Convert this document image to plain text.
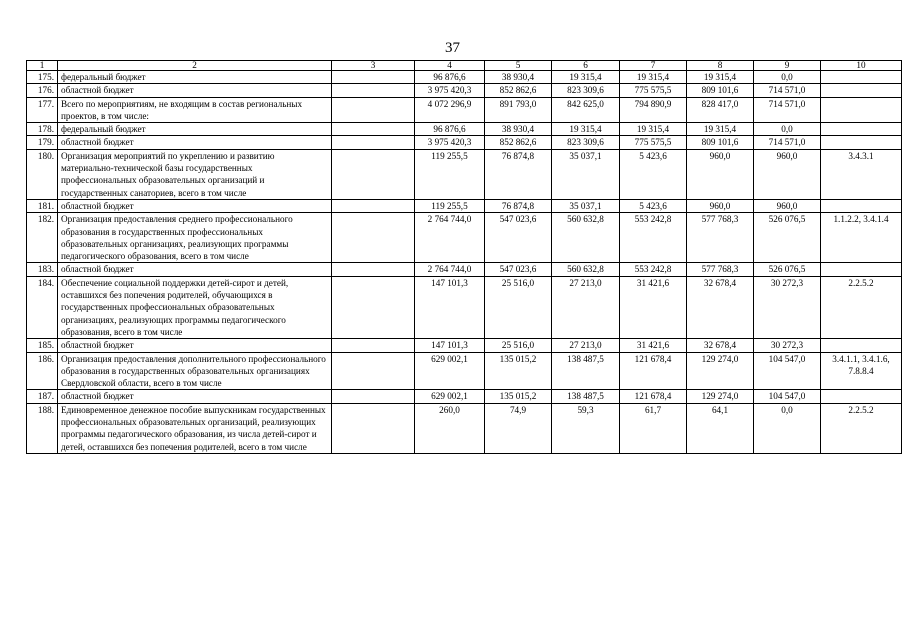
37
1	2	3	4	5	6	7	8	9	10
175.	федеральный бюджет		96 876,6	38 930,4	19 315,4	19 315,4	19 315,4	0,0	
176.	областной бюджет		3 975 420,3	852 862,6	823 309,6	775 575,5	809 101,6	714 571,0	
177.	Всего по мероприятиям, не входящим в состав региональных проектов, в том числе:		4 072 296,9	891 793,0	842 625,0	794 890,9	828 417,0	714 571,0	
178.	федеральный бюджет		96 876,6	38 930,4	19 315,4	19 315,4	19 315,4	0,0	
179.	областной бюджет		3 975 420,3	852 862,6	823 309,6	775 575,5	809 101,6	714 571,0	
180.	Организация мероприятий по укреплению и развитию материально-технической базы государственных профессиональных образовательных организаций и государственных санаториев, всего в том числе		119 255,5	76 874,8	35 037,1	5 423,6	960,0	960,0	3.4.3.1
181.	областной бюджет		119 255,5	76 874,8	35 037,1	5 423,6	960,0	960,0	
182.	Организация предоставления среднего профессионального образования в государственных профессиональных образовательных организациях, реализующих программы педагогического образования, всего в том числе		2 764 744,0	547 023,6	560 632,8	553 242,8	577 768,3	526 076,5	1.1.2.2, 3.4.1.4
183.	областной бюджет		2 764 744,0	547 023,6	560 632,8	553 242,8	577 768,3	526 076,5	
184.	Обеспечение социальной поддержки детей-сирот и детей, оставшихся без попечения родителей, обучающихся в государственных профессиональных образовательных организациях, реализующих программы педагогического образования, всего в том числе		147 101,3	25 516,0	27 213,0	31 421,6	32 678,4	30 272,3	2.2.5.2
185.	областной бюджет		147 101,3	25 516,0	27 213,0	31 421,6	32 678,4	30 272,3	
186.	Организация предоставления дополнительного профессионального образования в государственных образовательных организациях Свердловской области, всего в том числе		629 002,1	135 015,2	138 487,5	121 678,4	129 274,0	104 547,0	3.4.1.1, 3.4.1.6, 7.8.8.4
187.	областной бюджет		629 002,1	135 015,2	138 487,5	121 678,4	129 274,0	104 547,0	
188.	Единовременное денежное пособие выпускникам государственных профессиональных образовательных организаций, реализующих программы педагогического образования, из числа детей-сирот и детей, оставшихся без попечения родителей, всего в том числе		260,0	74,9	59,3	61,7	64,1	0,0	2.2.5.2
